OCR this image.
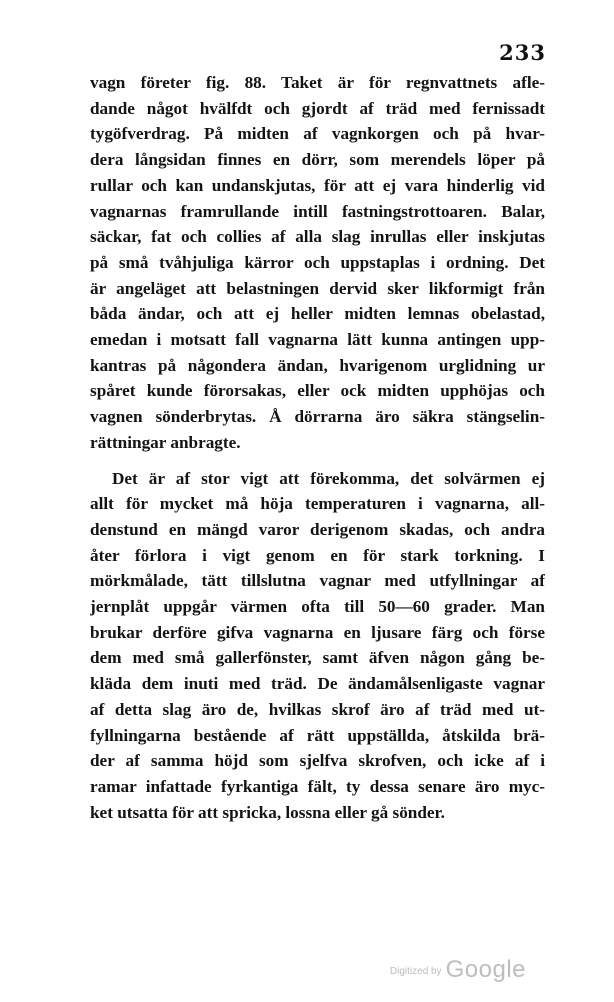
233
vagn företer fig. 88. Taket är för regnvattnets afle-
dande något hvälfdt och gjordt af träd med fernissadt
tygöfverdrag. På midten af vagnkorgen och på hvar-
dera långsidan finnes en dörr, som merendels löper på
rullar och kan undanskjutas, för att ej vara hinderlig vid
vagnarnas framrullande intill fastningstrottoaren. Balar,
säckar, fat och collies af alla slag inrullas eller inskjutas
på små tvåhjuliga kärror och uppstaplas i ordning. Det
är angeläget att belastningen dervid sker likformigt från
båda ändar, och att ej heller midten lemnas obelastad,
emedan i motsatt fall vagnarna lätt kunna antingen upp-
kantras på någondera ändan, hvarigenom urglidning ur
spåret kunde förorsakas, eller ock midten upphöjas och
vagnen sönderbrytas. Å dörrarna äro säkra stängselin-
rättningar anbragte.
Det är af stor vigt att förekomma, det solvärmen ej
allt för mycket må höja temperaturen i vagnarna, all-
denstund en mängd varor derigenom skadas, och andra
åter förlora i vigt genom en för stark torkning. I
mörkmålade, tätt tillslutna vagnar med utfyllningar af
jernplåt uppgår värmen ofta till 50—60 grader. Man
brukar derföre gifva vagnarna en ljusare färg och förse
dem med små gallerfönster, samt äfven någon gång be-
kläda dem inuti med träd. De ändamålsenligaste vagnar
af detta slag äro de, hvilkas skrof äro af träd med ut-
fyllningarna bestående af rätt uppställda, åtskilda brä-
der af samma höjd som sjelfva skrofven, och icke af i
ramar infattade fyrkantiga fält, ty dessa senare äro myc-
ket utsatta för att spricka, lossna eller gå sönder.
Digitized by Google
